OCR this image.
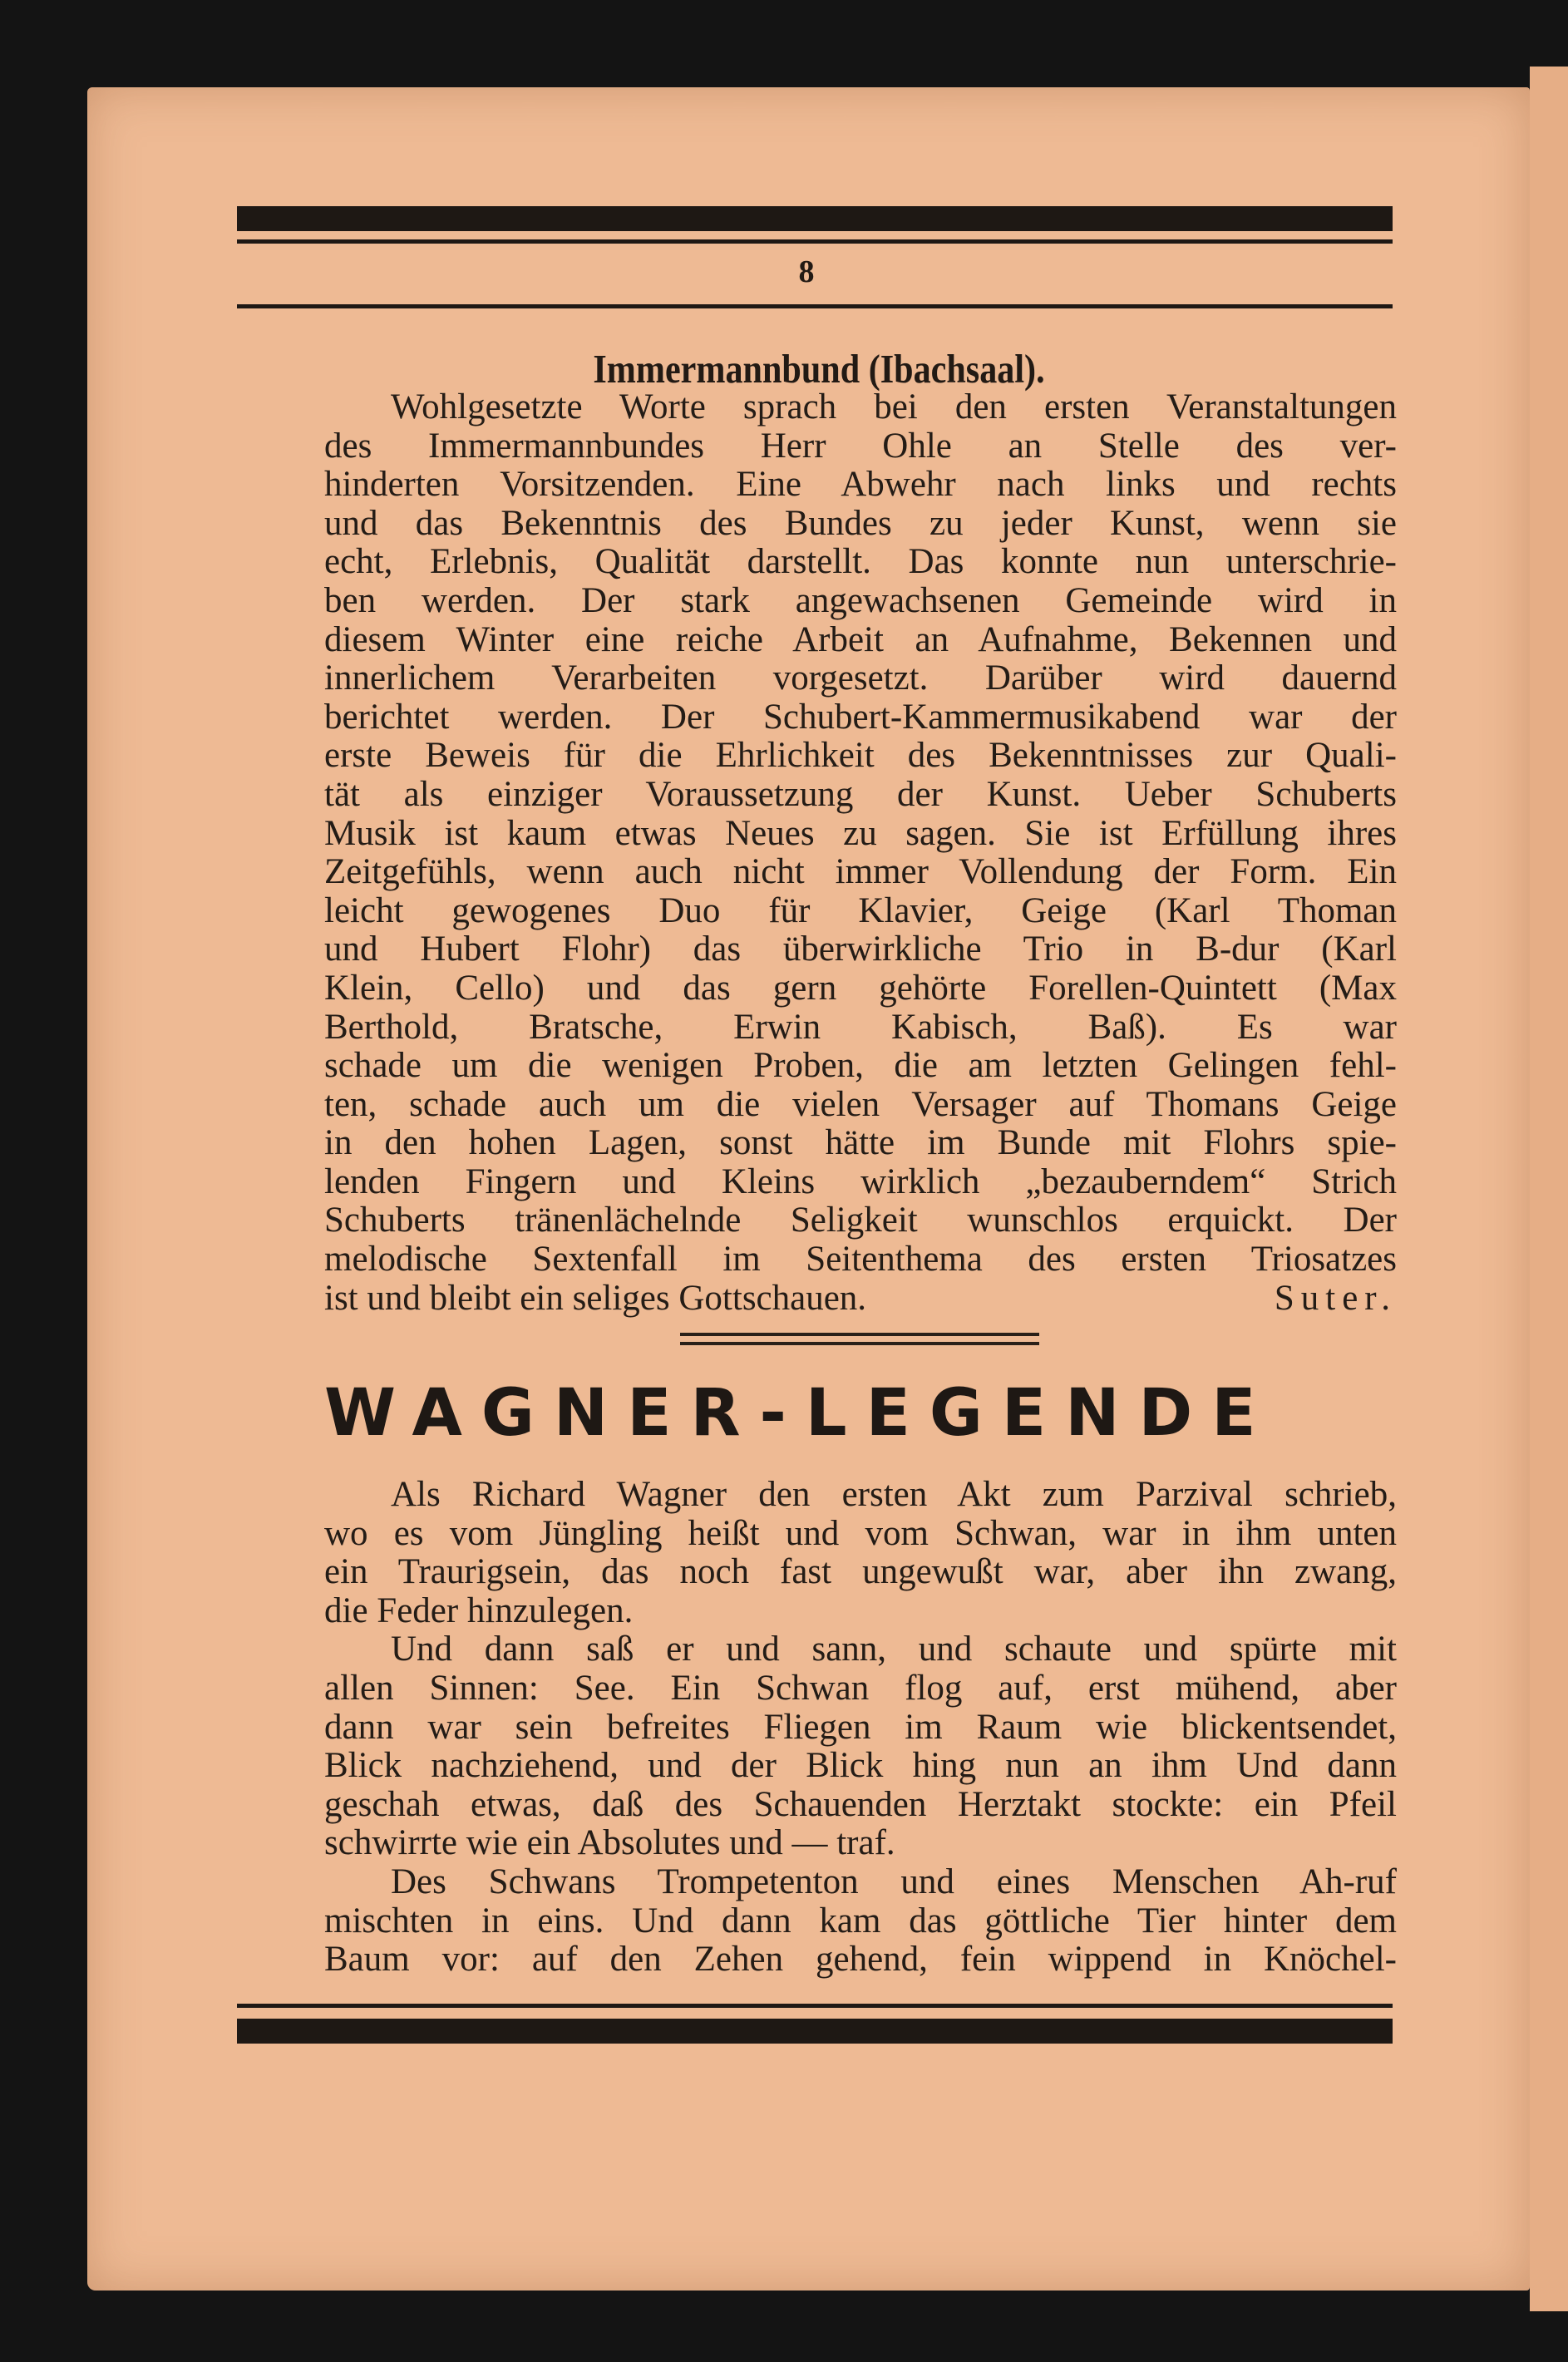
8
Immermannbund (Ibachsaal).
Wohlgesetzte Worte sprach bei den ersten Veranstaltungen
des Immermannbundes Herr Ohle an Stelle des ver-
hinderten Vorsitzenden. Eine Abwehr nach links und rechts
und das Bekenntnis des Bundes zu jeder Kunst, wenn sie
echt, Erlebnis, Qualität darstellt. Das konnte nun unterschrie-
ben werden. Der stark angewachsenen Gemeinde wird in
diesem Winter eine reiche Arbeit an Aufnahme, Bekennen und
innerlichem Verarbeiten vorgesetzt. Darüber wird dauernd
berichtet werden. Der Schubert-Kammermusikabend war der
erste Beweis für die Ehrlichkeit des Bekenntnisses zur Quali-
tät als einziger Voraussetzung der Kunst. Ueber Schuberts
Musik ist kaum etwas Neues zu sagen. Sie ist Erfüllung ihres
Zeitgefühls, wenn auch nicht immer Vollendung der Form. Ein
leicht gewogenes Duo für Klavier, Geige (Karl Thoman
und Hubert Flohr) das überwirkliche Trio in B-dur (Karl
Klein, Cello) und das gern gehörte Forellen-Quintett (Max
Berthold, Bratsche, Erwin Kabisch, Baß). Es war
schade um die wenigen Proben, die am letzten Gelingen fehl-
ten, schade auch um die vielen Versager auf Thomans Geige
in den hohen Lagen, sonst hätte im Bunde mit Flohrs spie-
lenden Fingern und Kleins wirklich „bezauberndem“ Strich
Schuberts tränenlächelnde Seligkeit wunschlos erquickt. Der
melodische Sextenfall im Seitenthema des ersten Triosatzes
ist und bleibt ein seliges Gottschauen.	Suter.
WAGNER-LEGENDE
Als Richard Wagner den ersten Akt zum Parzival schrieb,
wo es vom Jüngling heißt und vom Schwan, war in ihm unten
ein Traurigsein, das noch fast ungewußt war, aber ihn zwang,
die Feder hinzulegen.
Und dann saß er und sann, und schaute und spürte mit
allen Sinnen: See. Ein Schwan flog auf, erst mühend, aber
dann war sein befreites Fliegen im Raum wie blickentsendet,
Blick nachziehend, und der Blick hing nun an ihm Und dann
geschah etwas, daß des Schauenden Herztakt stockte: ein Pfeil
schwirrte wie ein Absolutes und — traf.
Des Schwans Trompetenton und eines Menschen Ah-ruf
mischten in eins. Und dann kam das göttliche Tier hinter dem
Baum vor: auf den Zehen gehend, fein wippend in Knöchel-
